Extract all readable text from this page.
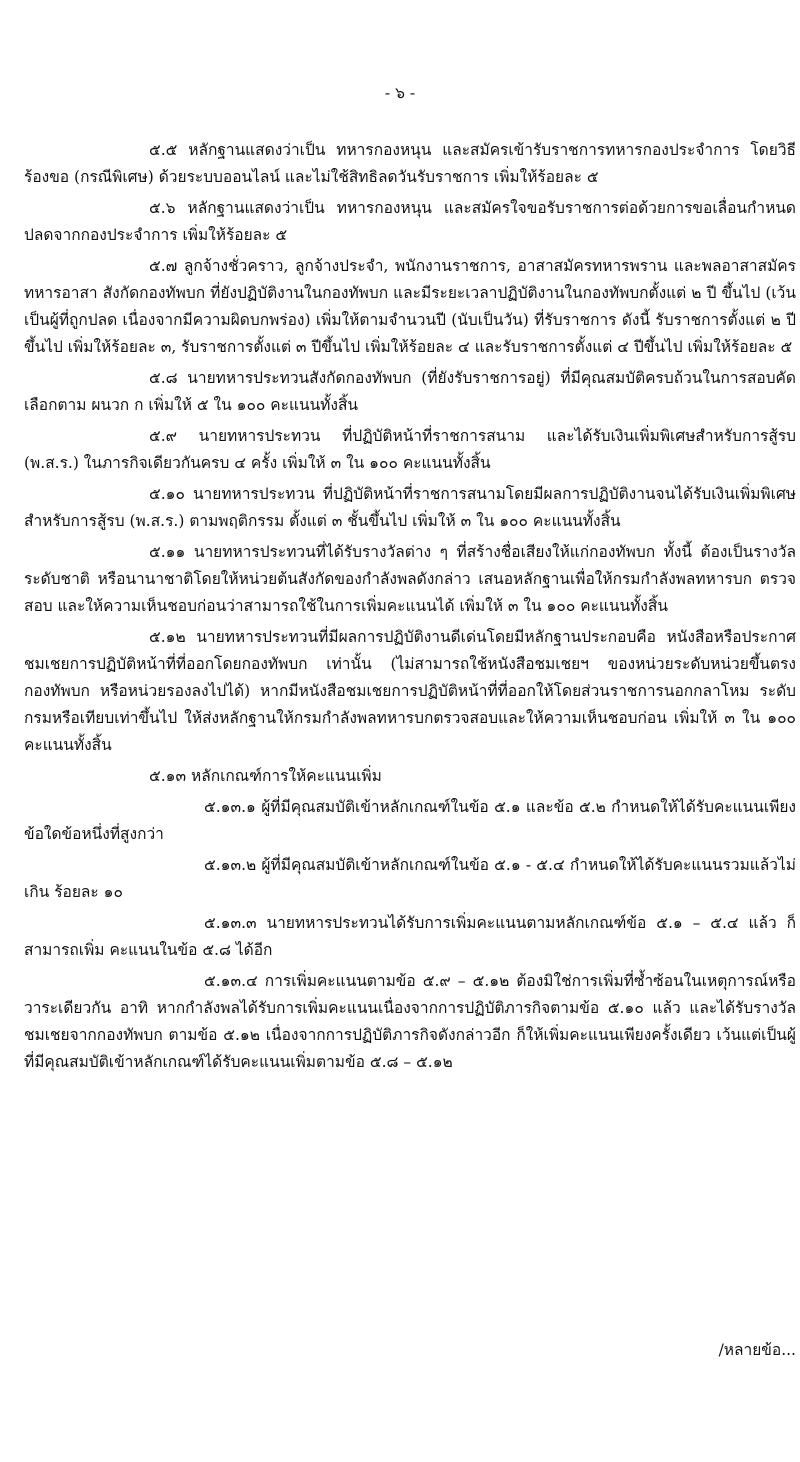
- ๖ -

๕.๕ หลักฐานแสดงว่าเป็น ทหารกองหนุน และสมัครเข้ารับราชการทหารกองประจำการ โดยวิธีร้องขอ (กรณีพิเศษ) ด้วยระบบออนไลน์ และไม่ใช้สิทธิลดวันรับราชการ เพิ่มให้ร้อยละ ๕

๕.๖ หลักฐานแสดงว่าเป็น ทหารกองหนุน และสมัครใจขอรับราชการต่อด้วยการขอเลื่อนกำหนดปลดจากกองประจำการ เพิ่มให้ร้อยละ ๕

๕.๗ ลูกจ้างชั่วคราว, ลูกจ้างประจำ, พนักงานราชการ, อาสาสมัครทหารพราน และพลอาสาสมัครทหารอาสา สังกัดกองทัพบก ที่ยังปฏิบัติงานในกองทัพบก และมีระยะเวลาปฏิบัติงานในกองทัพบกตั้งแต่ ๒ ปี ขึ้นไป (เว้นเป็นผู้ที่ถูกปลด เนื่องจากมีความผิดบกพร่อง) เพิ่มให้ตามจำนวนปี (นับเป็นวัน) ที่รับราชการ ดังนี้ รับราชการตั้งแต่ ๒ ปีขึ้นไป เพิ่มให้ร้อยละ ๓, รับราชการตั้งแต่ ๓ ปีขึ้นไป เพิ่มให้ร้อยละ ๔ และรับราชการตั้งแต่ ๔ ปีขึ้นไป เพิ่มให้ร้อยละ ๕

๕.๘ นายทหารประทวนสังกัดกองทัพบก (ที่ยังรับราชการอยู่) ที่มีคุณสมบัติครบถ้วนในการสอบคัดเลือกตาม ผนวก ก เพิ่มให้ ๕ ใน ๑๐๐ คะแนนทั้งสิ้น

๕.๙ นายทหารประทวน ที่ปฏิบัติหน้าที่ราชการสนาม และได้รับเงินเพิ่มพิเศษสำหรับการสู้รบ (พ.ส.ร.) ในภารกิจเดียวกันครบ ๔ ครั้ง เพิ่มให้ ๓ ใน ๑๐๐ คะแนนทั้งสิ้น

๕.๑๐ นายทหารประทวน ที่ปฏิบัติหน้าที่ราชการสนามโดยมีผลการปฏิบัติงานจนได้รับเงินเพิ่มพิเศษ สำหรับการสู้รบ (พ.ส.ร.) ตามพฤติกรรม ตั้งแต่ ๓ ชั้นขึ้นไป เพิ่มให้ ๓ ใน ๑๐๐ คะแนนทั้งสิ้น

๕.๑๑ นายทหารประทวนที่ได้รับรางวัลต่าง ๆ ที่สร้างชื่อเสียงให้แก่กองทัพบก ทั้งนี้ ต้องเป็นรางวัลระดับชาติ หรือนานาชาติโดยให้หน่วยต้นสังกัดของกำลังพลดังกล่าว เสนอหลักฐานเพื่อให้กรมกำลังพลทหารบก ตรวจสอบ และให้ความเห็นชอบก่อนว่าสามารถใช้ในการเพิ่มคะแนนได้ เพิ่มให้ ๓ ใน ๑๐๐ คะแนนทั้งสิ้น

๕.๑๒ นายทหารประทวนที่มีผลการปฏิบัติงานดีเด่นโดยมีหลักฐานประกอบคือ หนังสือหรือประกาศ ชมเชยการปฏิบัติหน้าที่ที่ออกโดยกองทัพบก เท่านั้น (ไม่สามารถใช้หนังสือชมเชยฯ ของหน่วยระดับหน่วยขึ้นตรงกองทัพบก หรือหน่วยรองลงไปได้) หากมีหนังสือชมเชยการปฏิบัติหน้าที่ที่ออกให้โดยส่วนราชการนอกกลาโหม ระดับกรมหรือเทียบเท่าขึ้นไป ให้ส่งหลักฐานให้กรมกำลังพลทหารบกตรวจสอบและให้ความเห็นชอบก่อน เพิ่มให้ ๓ ใน ๑๐๐ คะแนนทั้งสิ้น

๕.๑๓ หลักเกณฑ์การให้คะแนนเพิ่ม

๕.๑๓.๑ ผู้ที่มีคุณสมบัติเข้าหลักเกณฑ์ในข้อ ๕.๑ และข้อ ๕.๒ กำหนดให้ได้รับคะแนนเพียงข้อใดข้อหนึ่งที่สูงกว่า

๕.๑๓.๒ ผู้ที่มีคุณสมบัติเข้าหลักเกณฑ์ในข้อ ๕.๑ - ๕.๔ กำหนดให้ได้รับคะแนนรวมแล้วไม่เกิน ร้อยละ ๑๐

๕.๑๓.๓ นายทหารประทวนได้รับการเพิ่มคะแนนตามหลักเกณฑ์ข้อ ๕.๑ – ๕.๔ แล้ว ก็สามารถเพิ่ม คะแนนในข้อ ๕.๘ ได้อีก

๕.๑๓.๔ การเพิ่มคะแนนตามข้อ ๕.๙ – ๕.๑๒ ต้องมิใช่การเพิ่มที่ซ้ำซ้อนในเหตุการณ์หรือวาระเดียวกัน อาทิ หากกำลังพลได้รับการเพิ่มคะแนนเนื่องจากการปฏิบัติภารกิจตามข้อ ๕.๑๐ แล้ว และได้รับรางวัลชมเชยจากกองทัพบก ตามข้อ ๕.๑๒ เนื่องจากการปฏิบัติภารกิจดังกล่าวอีก ก็ให้เพิ่มคะแนนเพียงครั้งเดียว เว้นแต่เป็นผู้ที่มีคุณสมบัติเข้าหลักเกณฑ์ได้รับคะแนนเพิ่มตามข้อ ๕.๘ – ๕.๑๒

/หลายข้อ...
